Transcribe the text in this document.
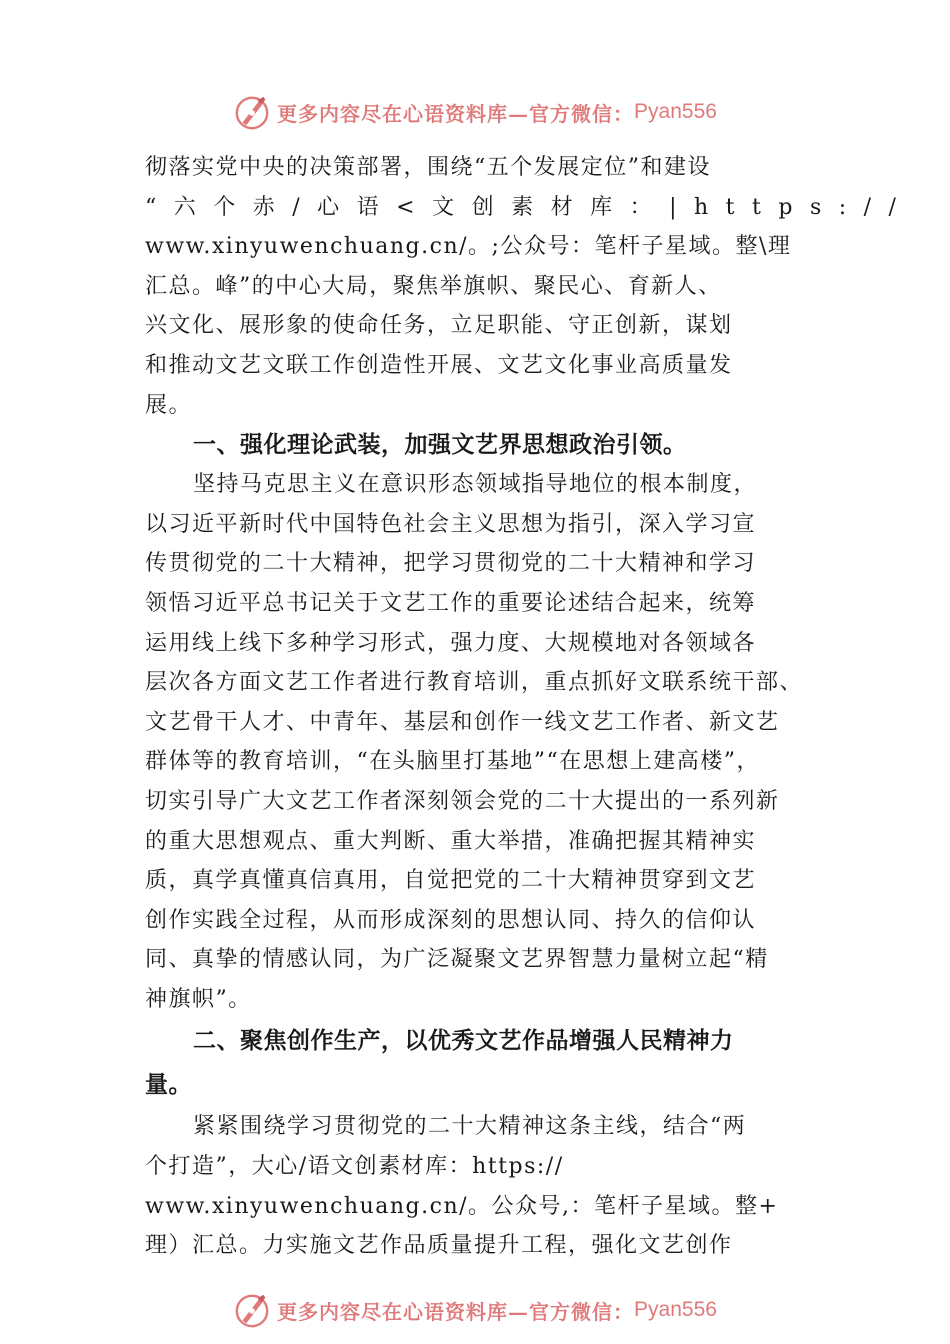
更多内容尽在心语资料库—官方微信： Pyan556
彻落实党中央的决策部署，围绕“五个发展定位”和建设
“六个赤/心语<文创素材库：|https://
www.xinyuwenchuang.cn/。;公众号：笔杆子星域。整\理
汇总。峰”的中心大局，聚焦举旗帜、聚民心、育新人、
兴文化、展形象的使命任务，立足职能、守正创新，谋划
和推动文艺文联工作创造性开展、文艺文化事业高质量发
展。
一、强化理论武装，加强文艺界思想政治引领。
坚持马克思主义在意识形态领域指导地位的根本制度，
以习近平新时代中国特色社会主义思想为指引，深入学习宣
传贯彻党的二十大精神，把学习贯彻党的二十大精神和学习
领悟习近平总书记关于文艺工作的重要论述结合起来，统筹
运用线上线下多种学习形式，强力度、大规模地对各领域各
层次各方面文艺工作者进行教育培训，重点抓好文联系统干部、
文艺骨干人才、中青年、基层和创作一线文艺工作者、新文艺
群体等的教育培训，“在头脑里打基地”“在思想上建高楼”，
切实引导广大文艺工作者深刻领会党的二十大提出的一系列新
的重大思想观点、重大判断、重大举措，准确把握其精神实
质，真学真懂真信真用，自觉把党的二十大精神贯穿到文艺
创作实践全过程，从而形成深刻的思想认同、持久的信仰认
同、真挚的情感认同，为广泛凝聚文艺界智慧力量树立起“精
神旗帜”。
二、聚焦创作生产，以优秀文艺作品增强人民精神力
量。
紧紧围绕学习贯彻党的二十大精神这条主线，结合“两
个打造”，大心/语文创素材库：https://
www.xinyuwenchuang.cn/。公众号,：笔杆子星域。整+
理）汇总。力实施文艺作品质量提升工程，强化文艺创作
更多内容尽在心语资料库—官方微信： Pyan556
